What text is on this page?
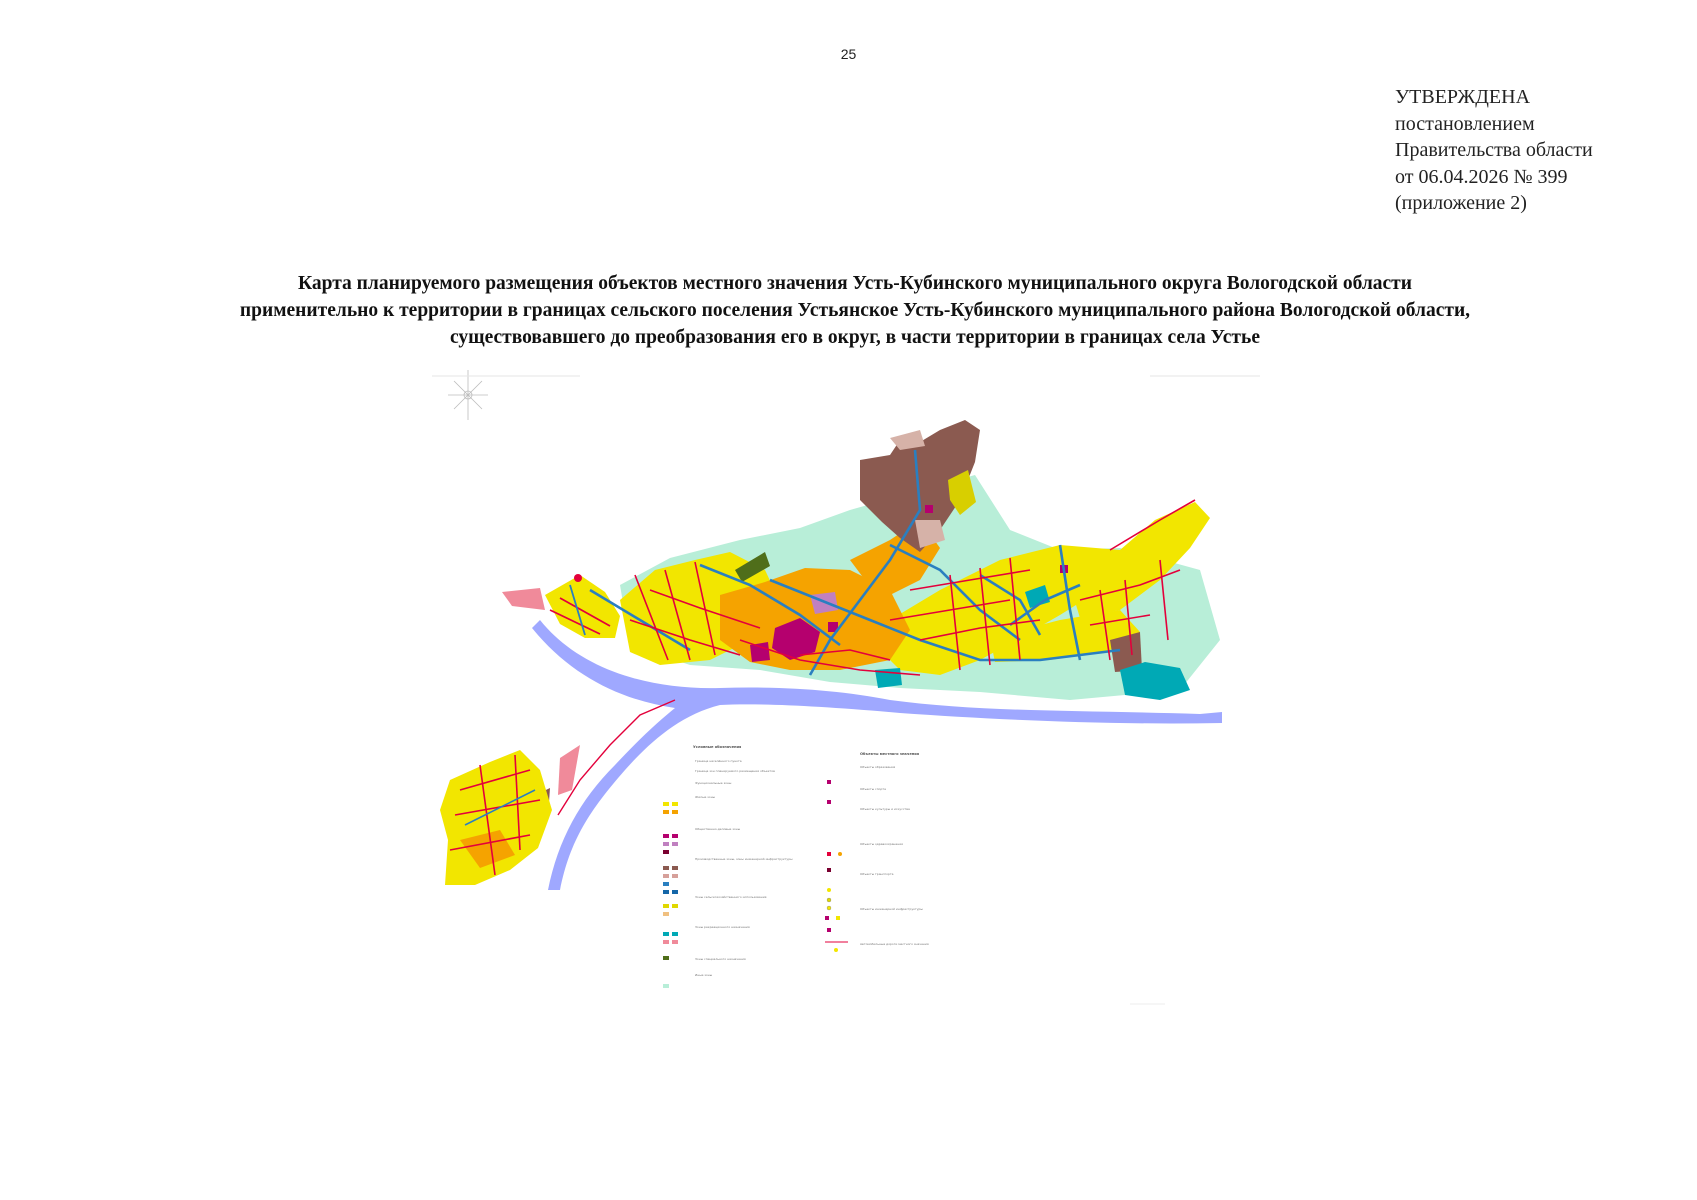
25
УТВЕРЖДЕНА
постановлением
Правительства области
от 06.04.2026 № 399
(приложение 2)
Карта планируемого размещения объектов местного значения Усть-Кубинского муниципального округа Вологодской области
применительно к территории в границах сельского поселения Устьянское Усть-Кубинского муниципального района Вологодской области,
существовавшего до преобразования его в округ, в части территории в границах села Устье
Условные обозначения
Объекты местного значения
Граница населённого пункта
Граница зон планируемого размещения объектов
Функциональные зоны
Жилые зоны
Общественно-деловые зоны
Производственные зоны, зоны инженерной инфраструктуры
Зоны сельскохозяйственного использования
Зоны рекреационного назначения
Зоны специального назначения
Иные зоны
Объекты образования
Объекты спорта
Объекты культуры и искусства
Объекты здравоохранения
Объекты транспорта
Объекты инженерной инфраструктуры
Автомобильные дороги местного значения
